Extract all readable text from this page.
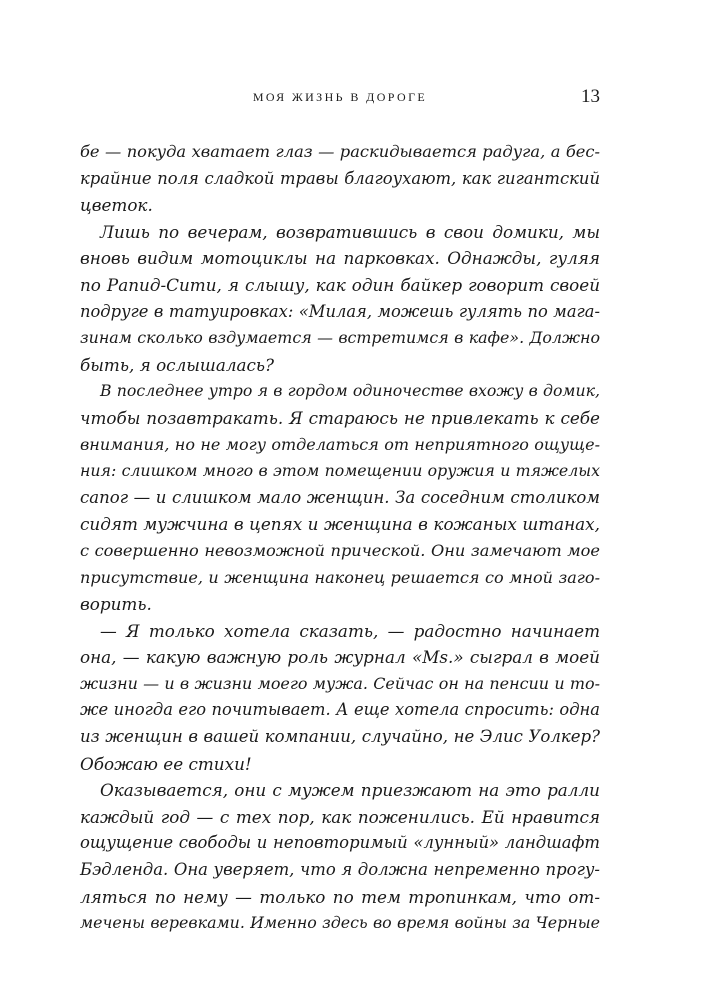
Моя жизнь в дороге	13
бе — покуда хватает глаз — раскидывается радуга, а бес-
крайние поля сладкой травы благоухают, как гигантский
цветок.
Лишь по вечерам, возвратившись в свои домики, мы
вновь видим мотоциклы на парковках. Однажды, гуляя
по Рапид-Сити, я слышу, как один байкер говорит своей
подруге в татуировках: «Милая, можешь гулять по мага-
зинам сколько вздумается — встретимся в кафе». Должно
быть, я ослышалась?
В последнее утро я в гордом одиночестве вхожу в домик,
чтобы позавтракать. Я стараюсь не привлекать к себе
внимания, но не могу отделаться от неприятного ощуще-
ния: слишком много в этом помещении оружия и тяжелых
сапог — и слишком мало женщин. За соседним столиком
сидят мужчина в цепях и женщина в кожаных штанах,
с совершенно невозможной прической. Они замечают мое
присутствие, и женщина наконец решается со мной заго-
ворить.
— Я только хотела сказать, — радостно начинает
она, — какую важную роль журнал «Ms.» сыграл в моей
жизни — и в жизни моего мужа. Сейчас он на пенсии и то-
же иногда его почитывает. А еще хотела спросить: одна
из женщин в вашей компании, случайно, не Элис Уолкер?
Обожаю ее стихи!
Оказывается, они с мужем приезжают на это ралли
каждый год — с тех пор, как поженились. Ей нравится
ощущение свободы и неповторимый «лунный» ландшафт
Бэдленда. Она уверяет, что я должна непременно прогу-
ляться по нему — только по тем тропинкам, что от-
мечены веревками. Именно здесь во время войны за Черные
